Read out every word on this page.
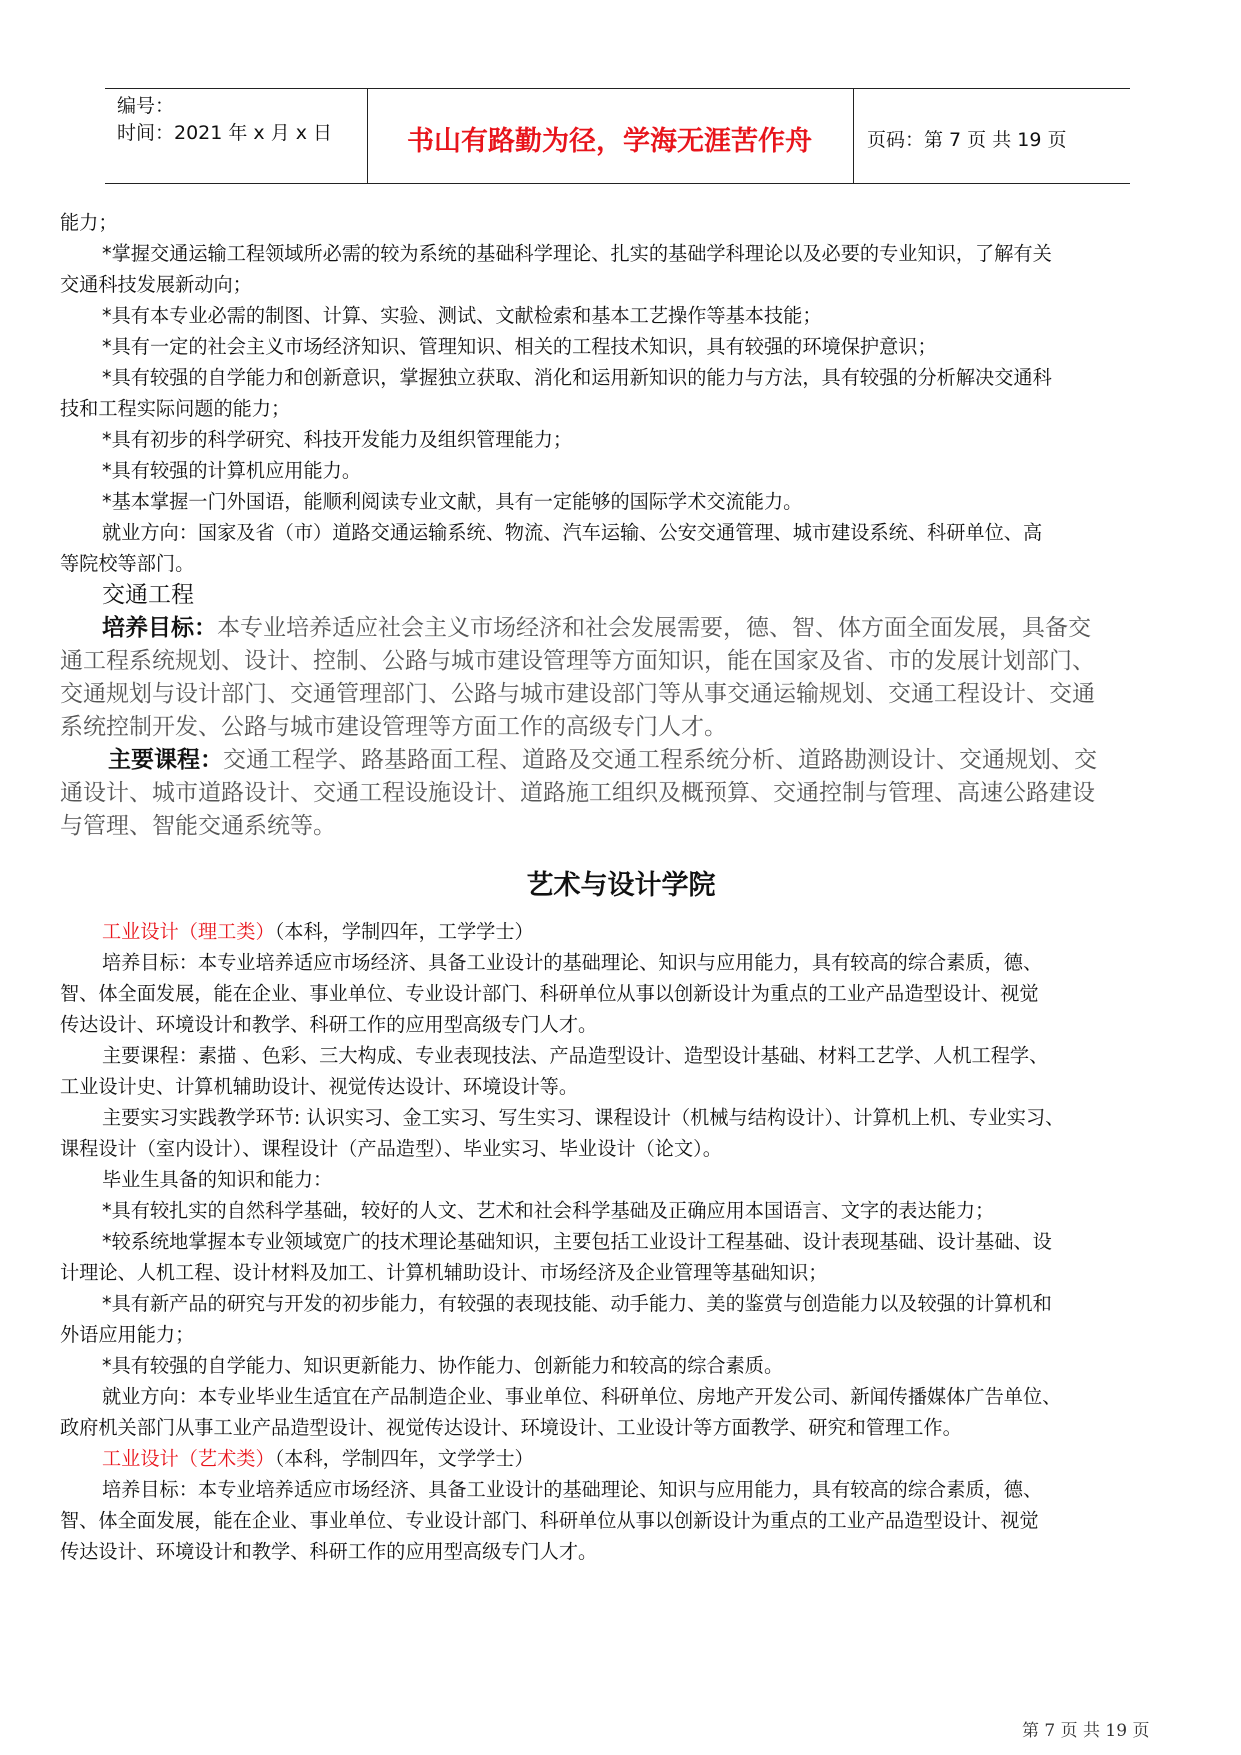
编号：
时间：2021 年 x 月 x 日	书山有路勤为径，学海无涯苦作舟	页码：第 7 页 共 19 页

能力；

*掌握交通运输工程领域所必需的较为系统的基础科学理论、扎实的基础学科理论以及必要的专业知识，了解有关

交通科技发展新动向；

*具有本专业必需的制图、计算、实验、测试、文献检索和基本工艺操作等基本技能；

*具有一定的社会主义市场经济知识、管理知识、相关的工程技术知识，具有较强的环境保护意识；

*具有较强的自学能力和创新意识，掌握独立获取、消化和运用新知识的能力与方法，具有较强的分析解决交通科

技和工程实际问题的能力；

*具有初步的科学研究、科技开发能力及组织管理能力；

*具有较强的计算机应用能力。

*基本掌握一门外国语，能顺利阅读专业文献，具有一定能够的国际学术交流能力。

就业方向：国家及省（市）道路交通运输系统、物流、汽车运输、公安交通管理、城市建设系统、科研单位、高

等院校等部门。

交通工程

培养目标：本专业培养适应社会主义市场经济和社会发展需要，德、智、体方面全面发展，具备交

通工程系统规划、设计、控制、公路与城市建设管理等方面知识，能在国家及省、市的发展计划部门、

交通规划与设计部门、交通管理部门、公路与城市建设部门等从事交通运输规划、交通工程设计、交通

系统控制开发、公路与城市建设管理等方面工作的高级专门人才。

主要课程：交通工程学、路基路面工程、道路及交通工程系统分析、道路勘测设计、交通规划、交

通设计、城市道路设计、交通工程设施设计、道路施工组织及概预算、交通控制与管理、高速公路建设

与管理、智能交通系统等。

艺术与设计学院

工业设计（理工类）（本科，学制四年，工学学士）

培养目标：本专业培养适应市场经济、具备工业设计的基础理论、知识与应用能力，具有较高的综合素质，德、

智、体全面发展，能在企业、事业单位、专业设计部门、科研单位从事以创新设计为重点的工业产品造型设计、视觉

传达设计、环境设计和教学、科研工作的应用型高级专门人才。

主要课程：素描 、色彩、三大构成、专业表现技法、产品造型设计、造型设计基础、材料工艺学、人机工程学、

工业设计史、计算机辅助设计、视觉传达设计、环境设计等。

主要实习实践教学环节: 认识实习、金工实习、写生实习、课程设计（机械与结构设计）、计算机上机、专业实习、

课程设计（室内设计）、课程设计（产品造型）、毕业实习、毕业设计（论文）。

毕业生具备的知识和能力：

*具有较扎实的自然科学基础，较好的人文、艺术和社会科学基础及正确应用本国语言、文字的表达能力；

*较系统地掌握本专业领域宽广的技术理论基础知识，主要包括工业设计工程基础、设计表现基础、设计基础、设

计理论、人机工程、设计材料及加工、计算机辅助设计、市场经济及企业管理等基础知识；

*具有新产品的研究与开发的初步能力，有较强的表现技能、动手能力、美的鉴赏与创造能力以及较强的计算机和

外语应用能力；

*具有较强的自学能力、知识更新能力、协作能力、创新能力和较高的综合素质。

就业方向：本专业毕业生适宜在产品制造企业、事业单位、科研单位、房地产开发公司、新闻传播媒体广告单位、

政府机关部门从事工业产品造型设计、视觉传达设计、环境设计、工业设计等方面教学、研究和管理工作。

工业设计（艺术类）（本科，学制四年，文学学士）

培养目标：本专业培养适应市场经济、具备工业设计的基础理论、知识与应用能力，具有较高的综合素质，德、

智、体全面发展，能在企业、事业单位、专业设计部门、科研单位从事以创新设计为重点的工业产品造型设计、视觉

传达设计、环境设计和教学、科研工作的应用型高级专门人才。

第 7 页 共 19 页
